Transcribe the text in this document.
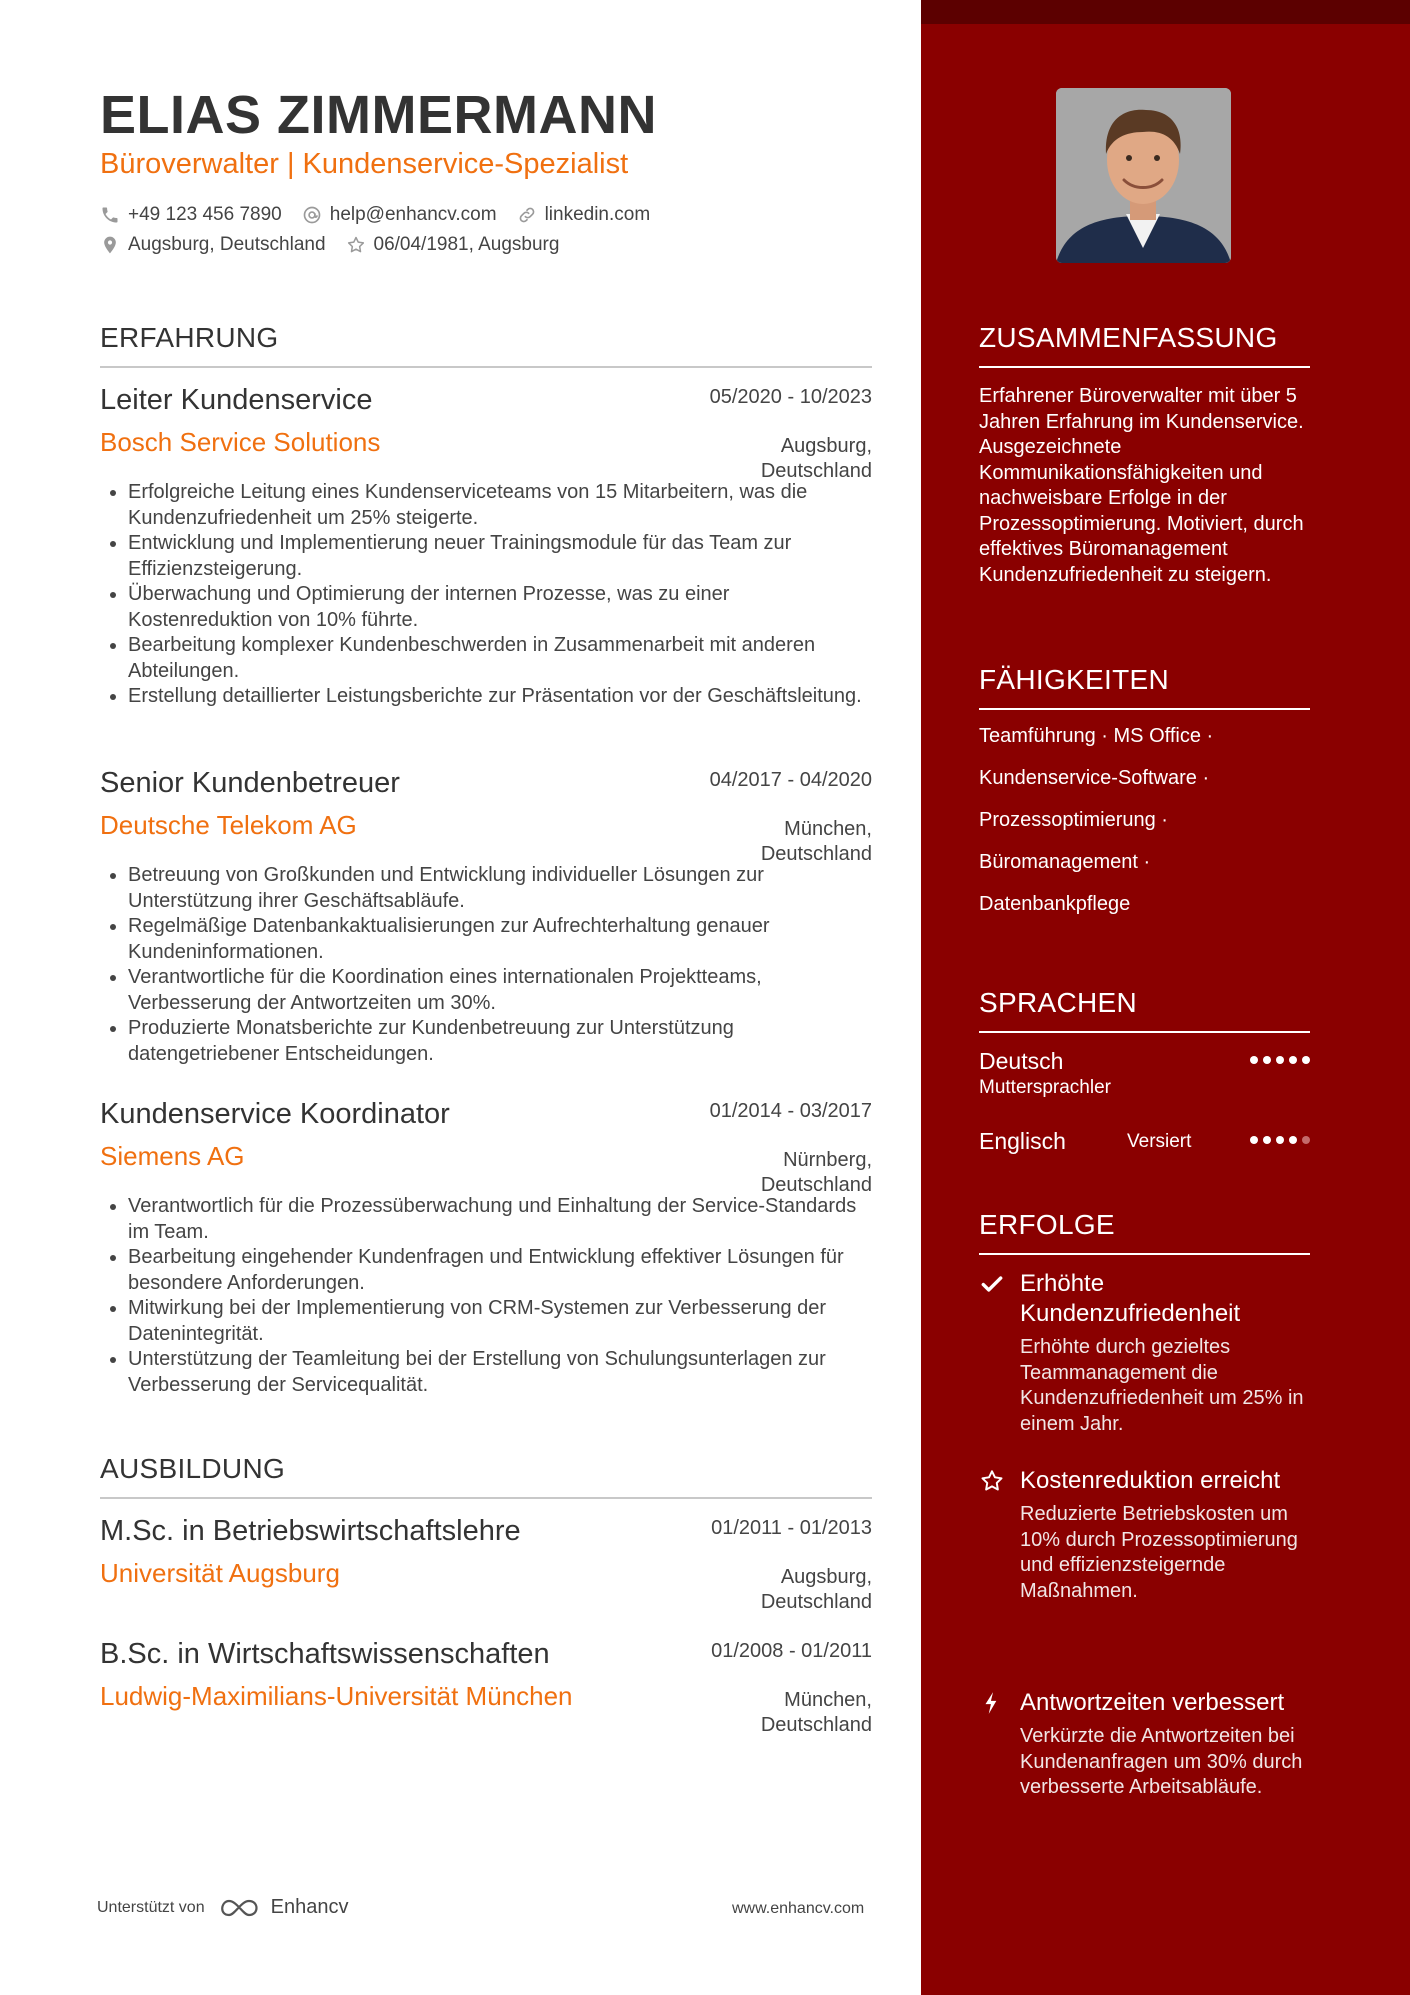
ELIAS ZIMMERMANN
Büroverwalter | Kundenservice-Spezialist
+49 123 456 7890	help@enhancv.com	linkedin.com
Augsburg, Deutschland	06/04/1981, Augsburg
ERFAHRUNG
Leiter Kundenservice	05/2020 - 10/2023
Bosch Service Solutions	Augsburg,
Deutschland
• Erfolgreiche Leitung eines Kundenserviceteams von 15 Mitarbeitern, was die Kundenzufriedenheit um 25% steigerte.
• Entwicklung und Implementierung neuer Trainingsmodule für das Team zur Effizienzsteigerung.
• Überwachung und Optimierung der internen Prozesse, was zu einer Kostenreduktion von 10% führte.
• Bearbeitung komplexer Kundenbeschwerden in Zusammenarbeit mit anderen Abteilungen.
• Erstellung detaillierter Leistungsberichte zur Präsentation vor der Geschäftsleitung.
Senior Kundenbetreuer	04/2017 - 04/2020
Deutsche Telekom AG	München,
Deutschland
• Betreuung von Großkunden und Entwicklung individueller Lösungen zur Unterstützung ihrer Geschäftsabläufe.
• Regelmäßige Datenbankaktualisierungen zur Aufrechterhaltung genauer Kundeninformationen.
• Verantwortliche für die Koordination eines internationalen Projektteams, Verbesserung der Antwortzeiten um 30%.
• Produzierte Monatsberichte zur Kundenbetreuung zur Unterstützung datengetriebener Entscheidungen.
Kundenservice Koordinator	01/2014 - 03/2017
Siemens AG	Nürnberg,
Deutschland
• Verantwortlich für die Prozessüberwachung und Einhaltung der Service-Standards im Team.
• Bearbeitung eingehender Kundenfragen und Entwicklung effektiver Lösungen für besondere Anforderungen.
• Mitwirkung bei der Implementierung von CRM-Systemen zur Verbesserung der Datenintegrität.
• Unterstützung der Teamleitung bei der Erstellung von Schulungsunterlagen zur Verbesserung der Servicequalität.
AUSBILDUNG
M.Sc. in Betriebswirtschaftslehre	01/2011 - 01/2013
Universität Augsburg	Augsburg,
Deutschland
B.Sc. in Wirtschaftswissenschaften	01/2008 - 01/2011
Ludwig-Maximilians-Universität München	München,
Deutschland
Unterstützt von	Enhancv	www.enhancv.com
ZUSAMMENFASSUNG
Erfahrener Büroverwalter mit über 5 Jahren Erfahrung im Kundenservice. Ausgezeichnete Kommunikationsfähigkeiten und nachweisbare Erfolge in der Prozessoptimierung. Motiviert, durch effektives Büromanagement Kundenzufriedenheit zu steigern.
FÄHIGKEITEN
Teamführung · MS Office ·
Kundenservice-Software ·
Prozessoptimierung ·
Büromanagement ·
Datenbankpflege
SPRACHEN
Deutsch
Muttersprachler
Englisch	Versiert
ERFOLGE
Erhöhte Kundenzufriedenheit
Erhöhte durch gezieltes Teammanagement die Kundenzufriedenheit um 25% in einem Jahr.
Kostenreduktion erreicht
Reduzierte Betriebskosten um 10% durch Prozessoptimierung und effizienzsteigernde Maßnahmen.
Antwortzeiten verbessert
Verkürzte die Antwortzeiten bei Kundenanfragen um 30% durch verbesserte Arbeitsabläufe.
